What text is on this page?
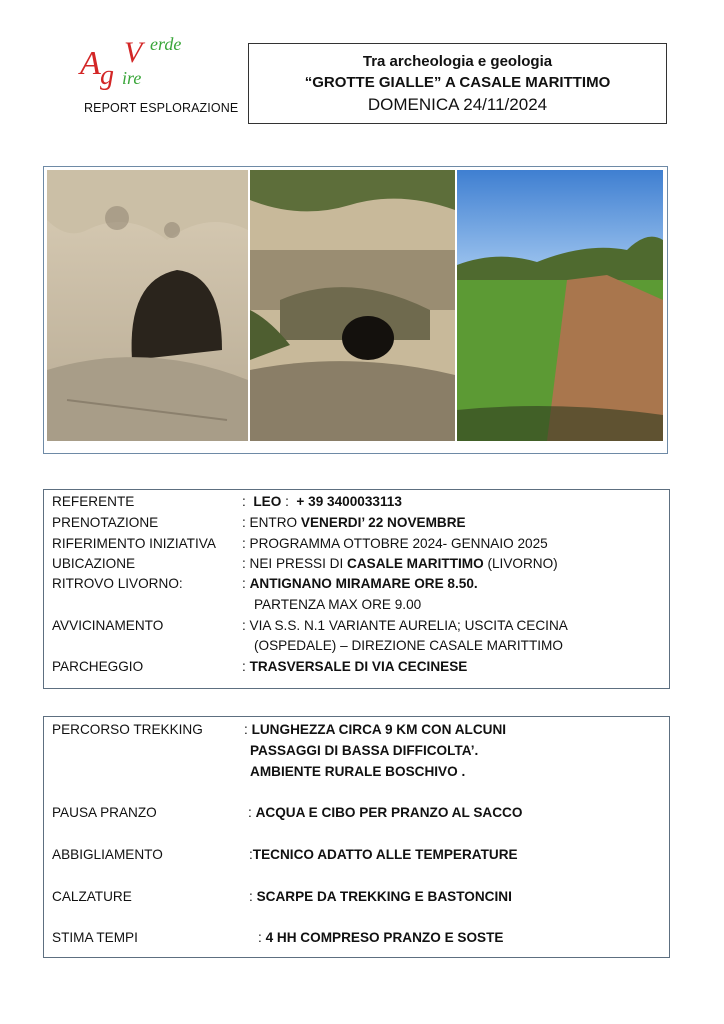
A g
V erde
ire
REPORT ESPLORAZIONE
Tra archeologia e geologia
“GROTTE GIALLE” A CASALE MARITTIMO
DOMENICA 24/11/2024
REFERENTE	: LEO : + 39 3400033113
PRENOTAZIONE	: ENTRO VENERDI’ 22 NOVEMBRE
RIFERIMENTO INIZIATIVA : PROGRAMMA OTTOBRE 2024- GENNAIO 2025
UBICAZIONE	: NEI PRESSI DI CASALE MARITTIMO (LIVORNO)
RITROVO LIVORNO:	: ANTIGNANO MIRAMARE ORE 8.50.
PARTENZA MAX ORE 9.00
AVVICINAMENTO	: VIA S.S. N.1 VARIANTE AURELIA; USCITA CECINA
(OSPEDALE) – DIREZIONE CASALE MARITTIMO
PARCHEGGIO	: TRASVERSALE DI VIA CECINESE
PERCORSO TREKKING	: LUNGHEZZA CIRCA 9 KM CON ALCUNI
PASSAGGI DI BASSA DIFFICOLTA’.
AMBIENTE RURALE BOSCHIVO .
PAUSA PRANZO	: ACQUA E CIBO PER PRANZO AL SACCO
ABBIGLIAMENTO	:TECNICO ADATTO ALLE TEMPERATURE
CALZATURE	: SCARPE DA TREKKING E BASTONCINI
STIMA TEMPI	: 4 HH COMPRESO PRANZO E SOSTE
